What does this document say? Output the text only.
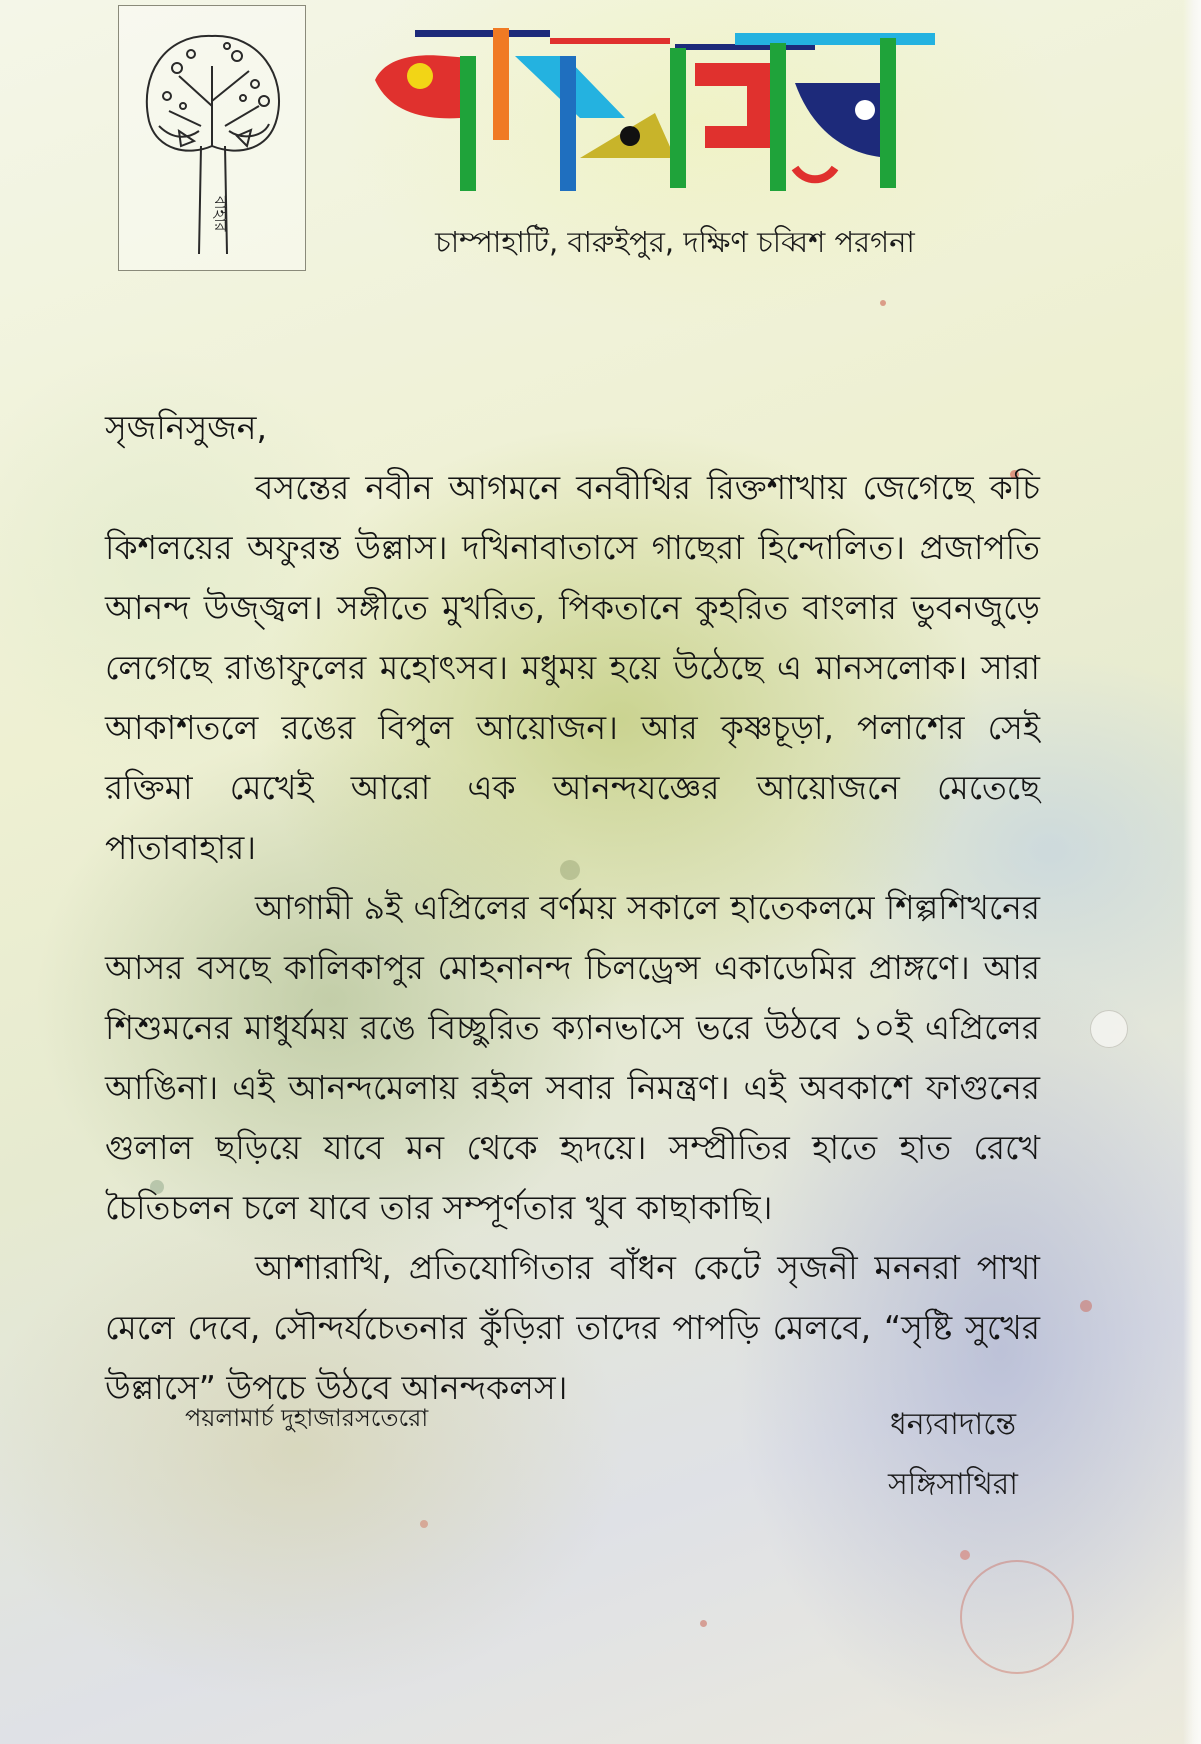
বাহার
চাম্পাহাটি, বারুইপুর, দক্ষিণ চব্বিশ পরগনা
সৃজনিসুজন,

বসন্তের নবীন আগমনে বনবীথির রিক্তশাখায় জেগেছে কচি কিশলয়ের অফুরন্ত উল্লাস। দখিনাবাতাসে গাছেরা হিন্দোলিত। প্রজাপতি আনন্দ উজ্জ্বল। সঙ্গীতে মুখরিত, পিকতানে কুহরিত বাংলার ভুবনজুড়ে লেগেছে রাঙাফুলের মহোৎসব। মধুময় হয়ে উঠেছে এ মানসলোক। সারা আকাশতলে রঙের বিপুল আয়োজন। আর কৃষ্ণচূড়া, পলাশের সেই রক্তিমা মেখেই আরো এক আনন্দযজ্ঞের আয়োজনে মেতেছে পাতাবাহার।

আগামী ৯ই এপ্রিলের বর্ণময় সকালে হাতেকলমে শিল্পশিখনের আসর বসছে কালিকাপুর মোহনানন্দ চিলড্রেন্স একাডেমির প্রাঙ্গণে। আর শিশুমনের মাধুর্যময় রঙে বিচ্ছুরিত ক্যানভাসে ভরে উঠবে ১০ই এপ্রিলের আঙিনা। এই আনন্দমেলায় রইল সবার নিমন্ত্রণ। এই অবকাশে ফাগুনের গুলাল ছড়িয়ে যাবে মন থেকে হৃদয়ে। সম্প্রীতির হাতে হাত রেখে চৈতিচলন চলে যাবে তার সম্পূর্ণতার খুব কাছাকাছি।

আশারাখি, প্রতিযোগিতার বাঁধন কেটে সৃজনী মননরা পাখা মেলে দেবে, সৌন্দর্যচেতনার কুঁড়িরা তাদের পাপড়ি মেলবে, “সৃষ্টি সুখের উল্লাসে” উপচে উঠবে আনন্দকলস।

পয়লামার্চ দুহাজারসতেরো	ধন্যবাদান্তে
সঙ্গিসাথিরা
